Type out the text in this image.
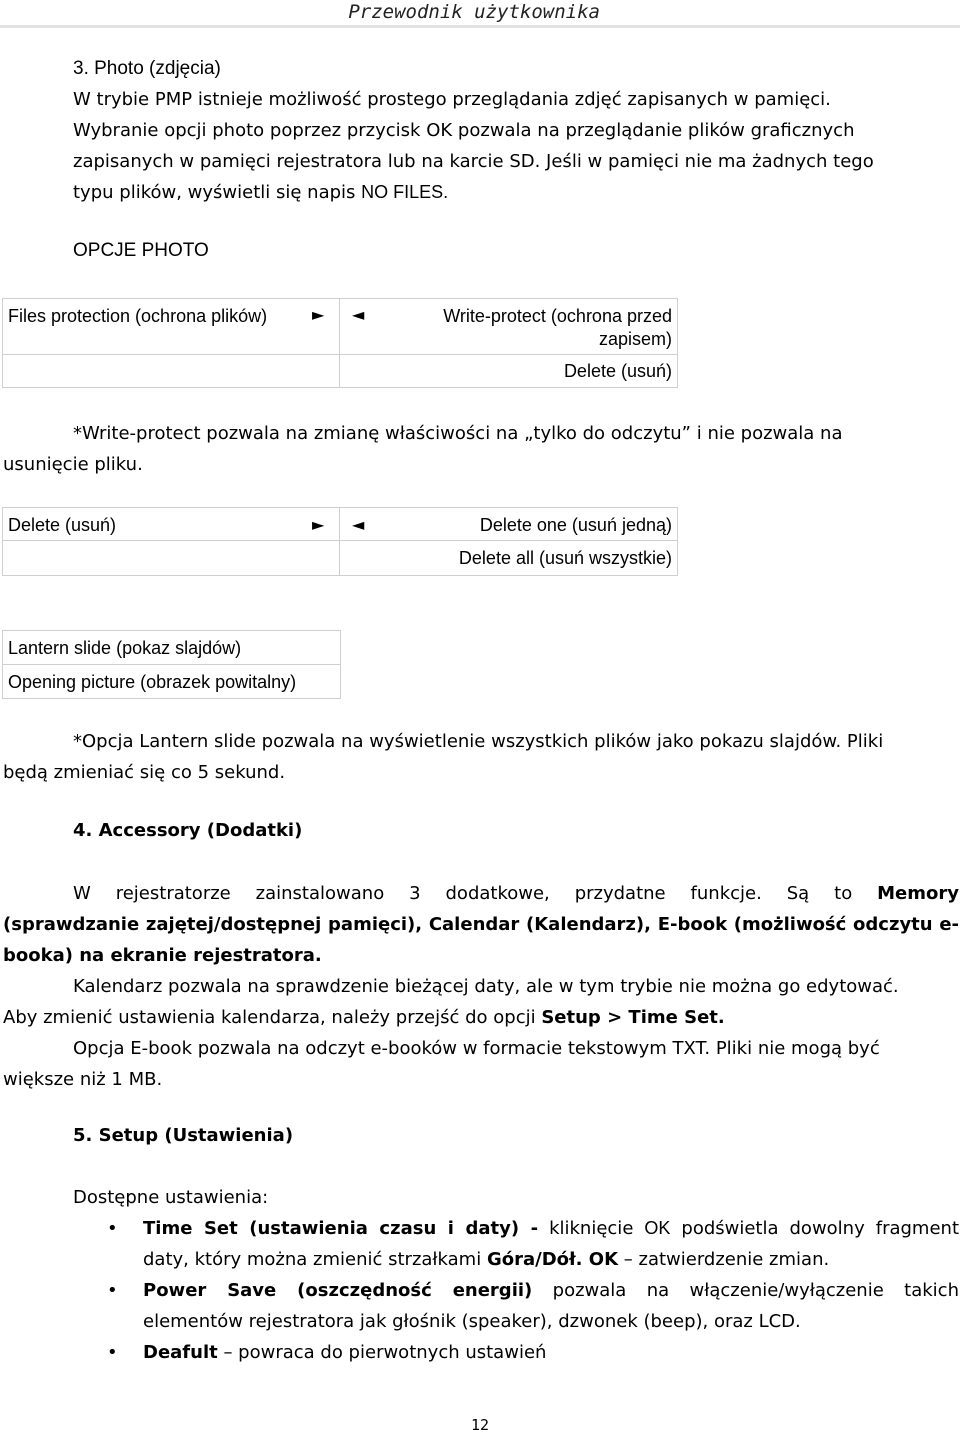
Przewodnik użytkownika

3. Photo (zdjęcia)

W trybie PMP istnieje możliwość prostego przeglądania zdjęć zapisanych w pamięci.

Wybranie opcji photo poprzez przycisk OK pozwala na przeglądanie plików graficznych

zapisanych w pamięci rejestratora lub na karcie SD. Jeśli w pamięci nie ma żadnych tego

typu plików, wyświetli się napis NO FILES.

OPCJE PHOTO

Files protection (ochrona plików)	Write-protect (ochrona przed
zapisem)
	Delete (usuń)
► ◄

*Write-protect pozwala na zmianę właściwości na „tylko do odczytu” i nie pozwala na

usunięcie pliku.

Delete (usuń)	Delete one (usuń jedną)
	Delete all (usuń wszystkie)
► ◄
Lantern slide (pokaz slajdów)
Opening picture (obrazek powitalny)

*Opcja Lantern slide pozwala na wyświetlenie wszystkich plików jako pokazu slajdów. Pliki

będą zmieniać się co 5 sekund.

4. Accessory (Dodatki)

W rejestratorze zainstalowano 3 dodatkowe, przydatne funkcje. Są to Memory

(sprawdzanie zajętej/dostępnej pamięci), Calendar (Kalendarz), E-book (możliwość odczytu e-

booka) na ekranie rejestratora.

Kalendarz pozwala na sprawdzenie bieżącej daty, ale w tym trybie nie można go edytować.

Aby zmienić ustawienia kalendarza, należy przejść do opcji Setup > Time Set.

Opcja E-book pozwala na odczyt e-booków w formacie tekstowym TXT. Pliki nie mogą być

większe niż 1 MB.

5. Setup (Ustawienia)

Dostępne ustawienia:

• Time Set (ustawienia czasu i daty) - kliknięcie OK podświetla dowolny fragment
daty, który można zmienić strzałkami Góra/Dół. OK – zatwierdzenie zmian.
• Power Save (oszczędność energii) pozwala na włączenie/wyłączenie takich
elementów rejestratora jak głośnik (speaker), dzwonek (beep), oraz LCD.
• Deafult – powraca do pierwotnych ustawień
12
